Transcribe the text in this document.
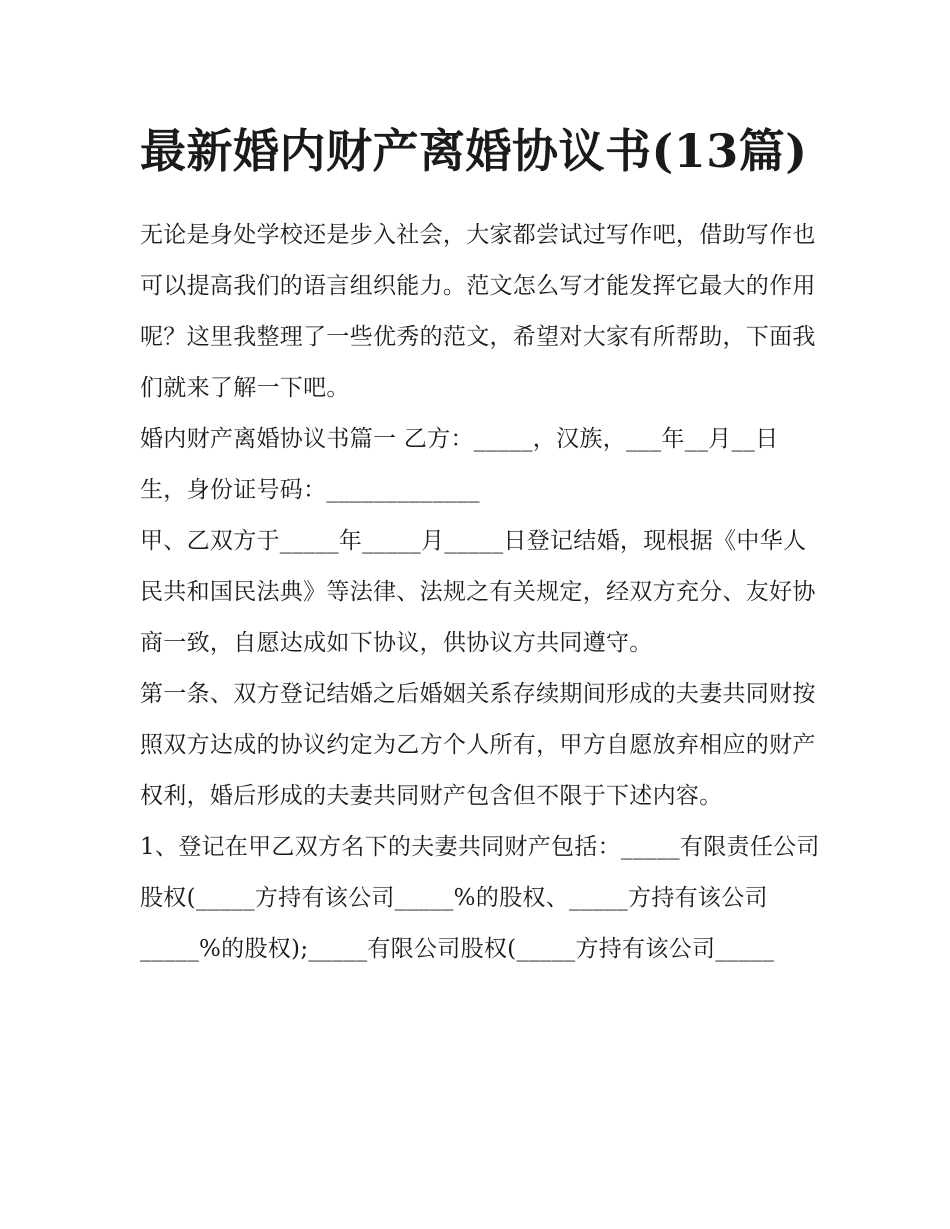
最新婚内财产离婚协议书(13篇)

无论是身处学校还是步入社会，大家都尝试过写作吧，借助写作也可以提高我们的语言组织能力。范文怎么写才能发挥它最大的作用呢？这里我整理了一些优秀的范文，希望对大家有所帮助，下面我们就来了解一下吧。

婚内财产离婚协议书篇一 乙方：_____，汉族，___年__月__日生，身份证号码：_____________

甲、乙双方于_____年_____月_____日登记结婚，现根据《中华人民共和国民法典》等法律、法规之有关规定，经双方充分、友好协商一致，自愿达成如下协议，供协议方共同遵守。

第一条、双方登记结婚之后婚姻关系存续期间形成的夫妻共同财按照双方达成的协议约定为乙方个人所有，甲方自愿放弃相应的财产权利，婚后形成的夫妻共同财产包含但不限于下述内容。

1、登记在甲乙双方名下的夫妻共同财产包括：_____有限责任公司股权(_____方持有该公司_____%的股权、_____方持有该公司_____%的股权);_____有限公司股权(_____方持有该公司_____
